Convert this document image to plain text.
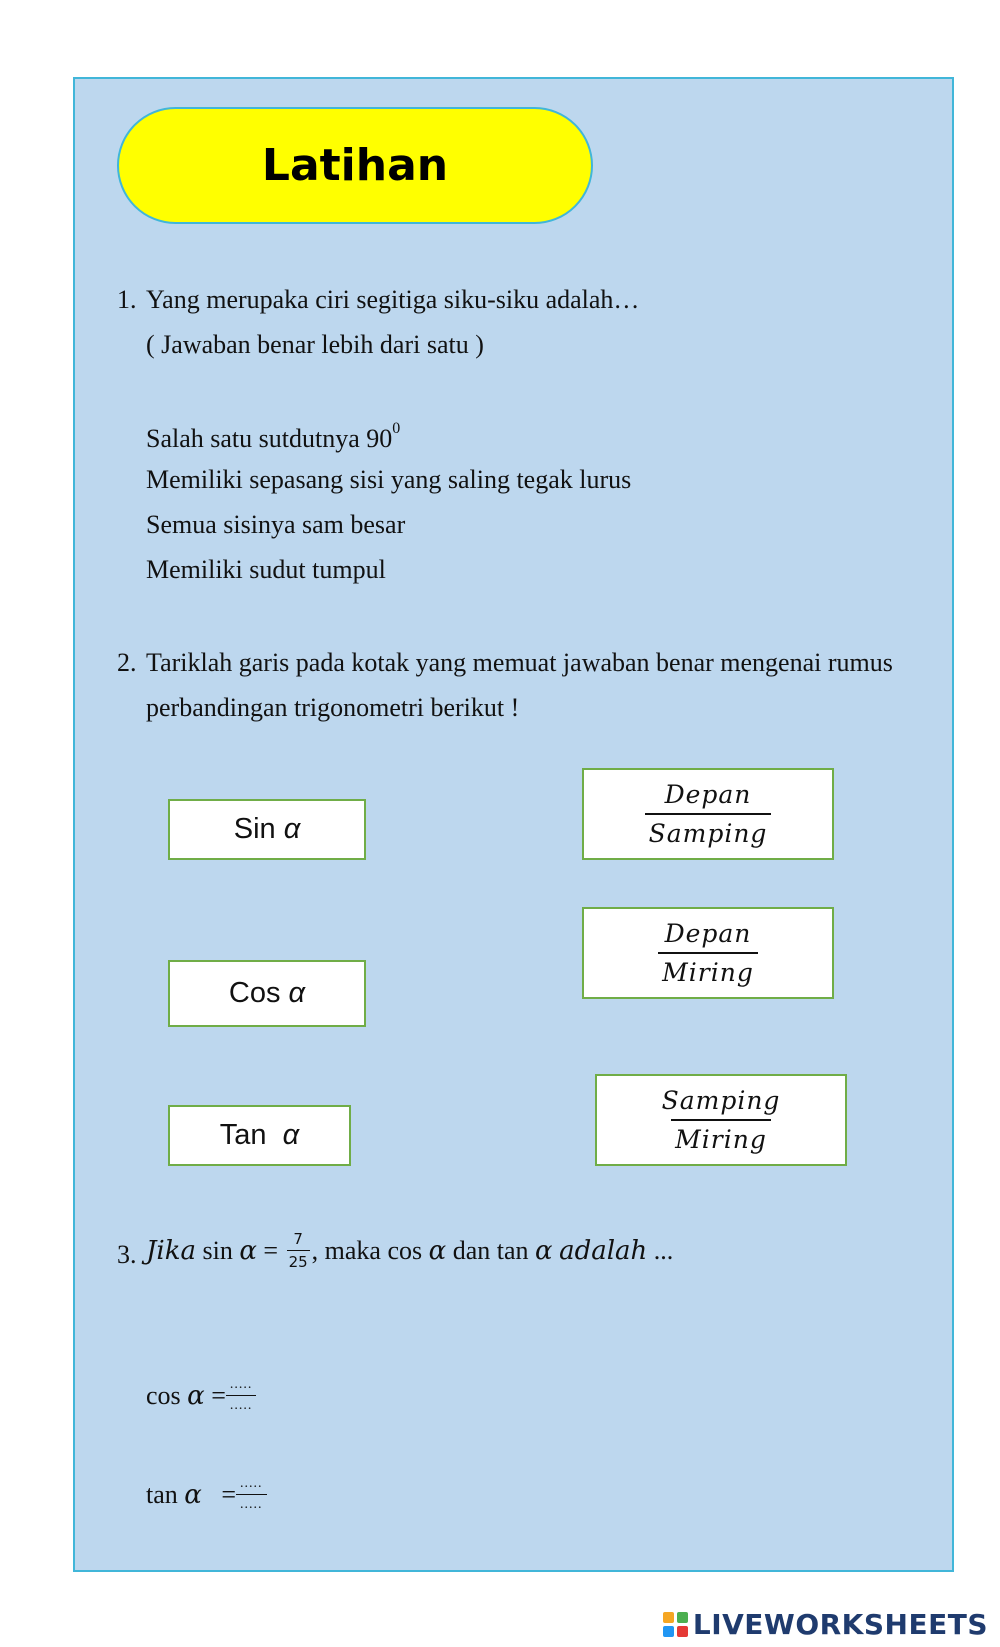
Latihan
1. Yang merupaka ciri segitiga siku-siku adalah…
( Jawaban benar lebih dari satu )
Salah satu sutdutnya $90^0$
Memiliki sepasang sisi yang saling tegak lurus
Semua sisinya sam besar
Memiliki sudut tumpul
2. Tariklah garis pada kotak yang memuat jawaban benar mengenai rumus
perbandingan trigonometri berikut !
Sin α
Cos α
Tan α
$\frac{\text{Depan}}{\text{Samping}}$
$\frac{\text{Depan}}{\text{Miring}}$
$\frac{\text{Samping}}{\text{Miring}}$
3. Jika
sin
α
=
$\frac{7}{25}$ , maka cos
α
dan tan
α
adalah
...
cos
α
= $\frac{.....}{.....}$
tan
α
= $\frac{.....}{.....}$
LIVEWORKSHEETS
